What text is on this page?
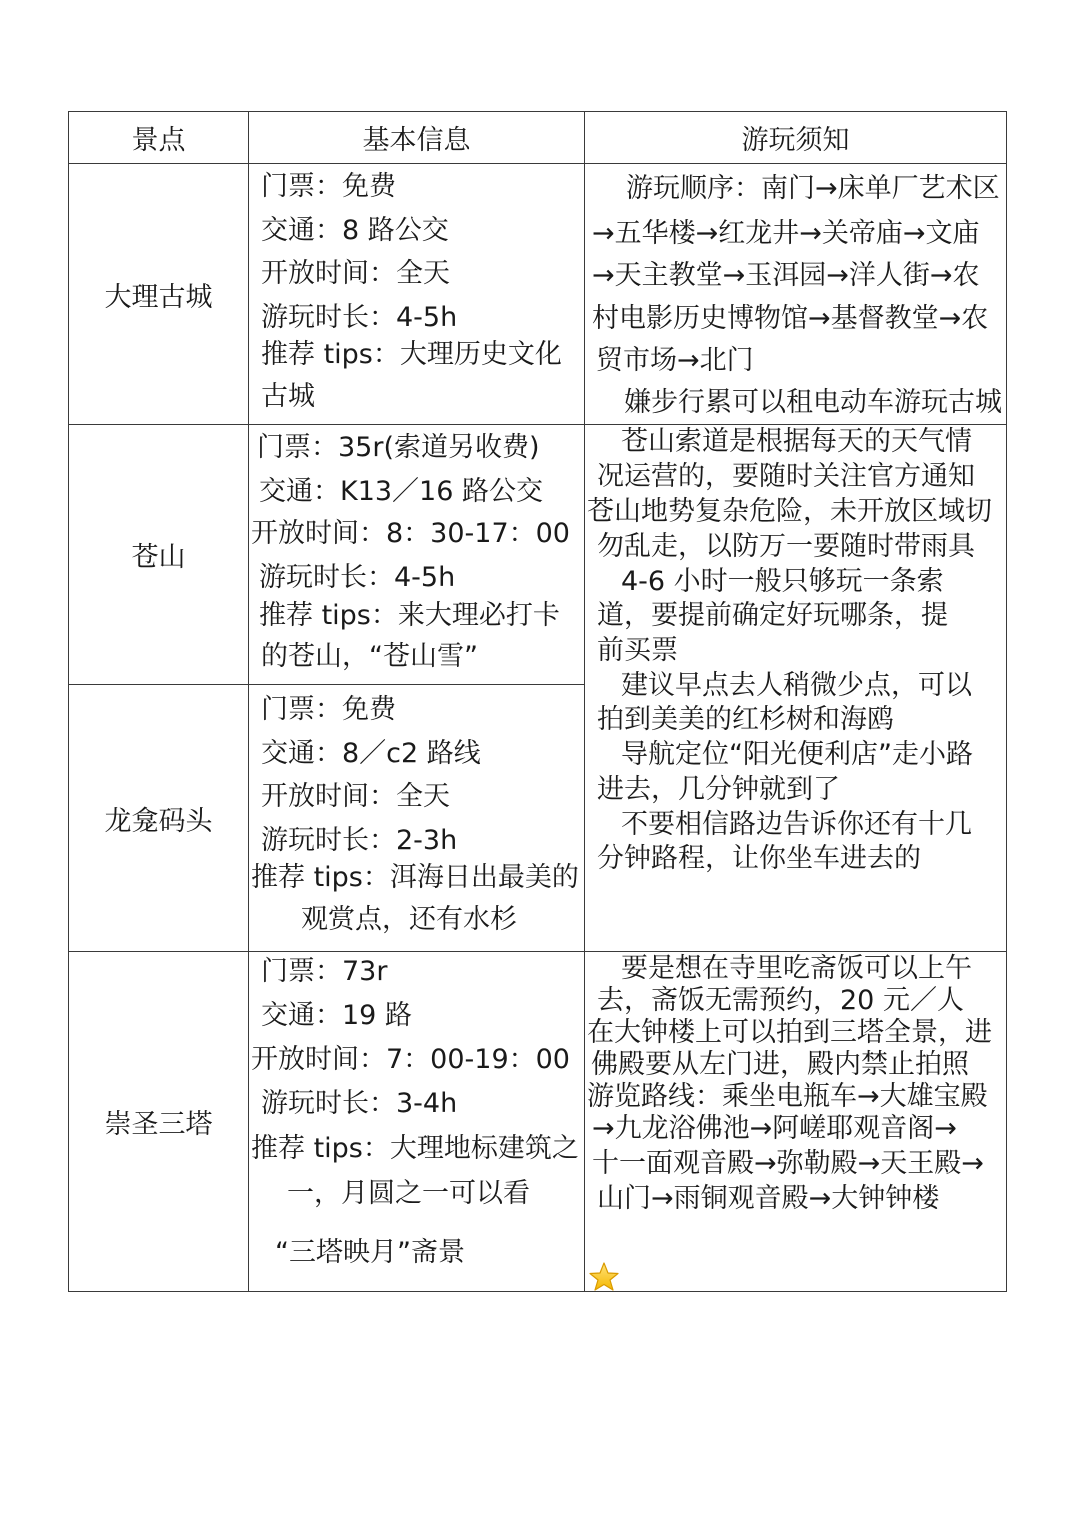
景点	基本信息	游玩须知
大理古城
苍山
龙龛码头
崇圣三塔
门票：免费
交通：8 路公交
开放时间：全天
游玩时长：4-5h
推荐 tips：大理历史文化
古城
游玩顺序：南门→床单厂艺术区
→五华楼→红龙井→关帝庙→文庙
→天主教堂→玉洱园→洋人街→农
村电影历史博物馆→基督教堂→农
贸市场→北门
嫌步行累可以租电动车游玩古城
门票：35r(索道另收费)
交通：K13／16 路公交
开放时间：8：30-17：00
游玩时长：4-5h
推荐 tips：来大理必打卡
的苍山，“苍山雪”
门票：免费
交通：8／c2 路线
开放时间：全天
游玩时长：2-3h
推荐 tips：洱海日出最美的
观赏点，还有水杉
苍山索道是根据每天的天气情
况运营的，要随时关注官方通知
苍山地势复杂危险，未开放区域切
勿乱走，以防万一要随时带雨具
4-6 小时一般只够玩一条索
道，要提前确定好玩哪条，提
前买票
建议早点去人稍微少点，可以
拍到美美的红杉树和海鸥
导航定位“阳光便利店”走小路
进去，几分钟就到了
不要相信路边告诉你还有十几
分钟路程，让你坐车进去的
门票：73r
交通：19 路
开放时间：7：00-19：00
游玩时长：3-4h
推荐 tips：大理地标建筑之
一，月圆之一可以看
“三塔映月”斋景
要是想在寺里吃斋饭可以上午
去，斋饭无需预约，20 元／人
在大钟楼上可以拍到三塔全景，进
佛殿要从左门进，殿内禁止拍照
游览路线：乘坐电瓶车→大雄宝殿
→九龙浴佛池→阿嵯耶观音阁→
十一面观音殿→弥勒殿→天王殿→
山门→雨铜观音殿→大钟钟楼
